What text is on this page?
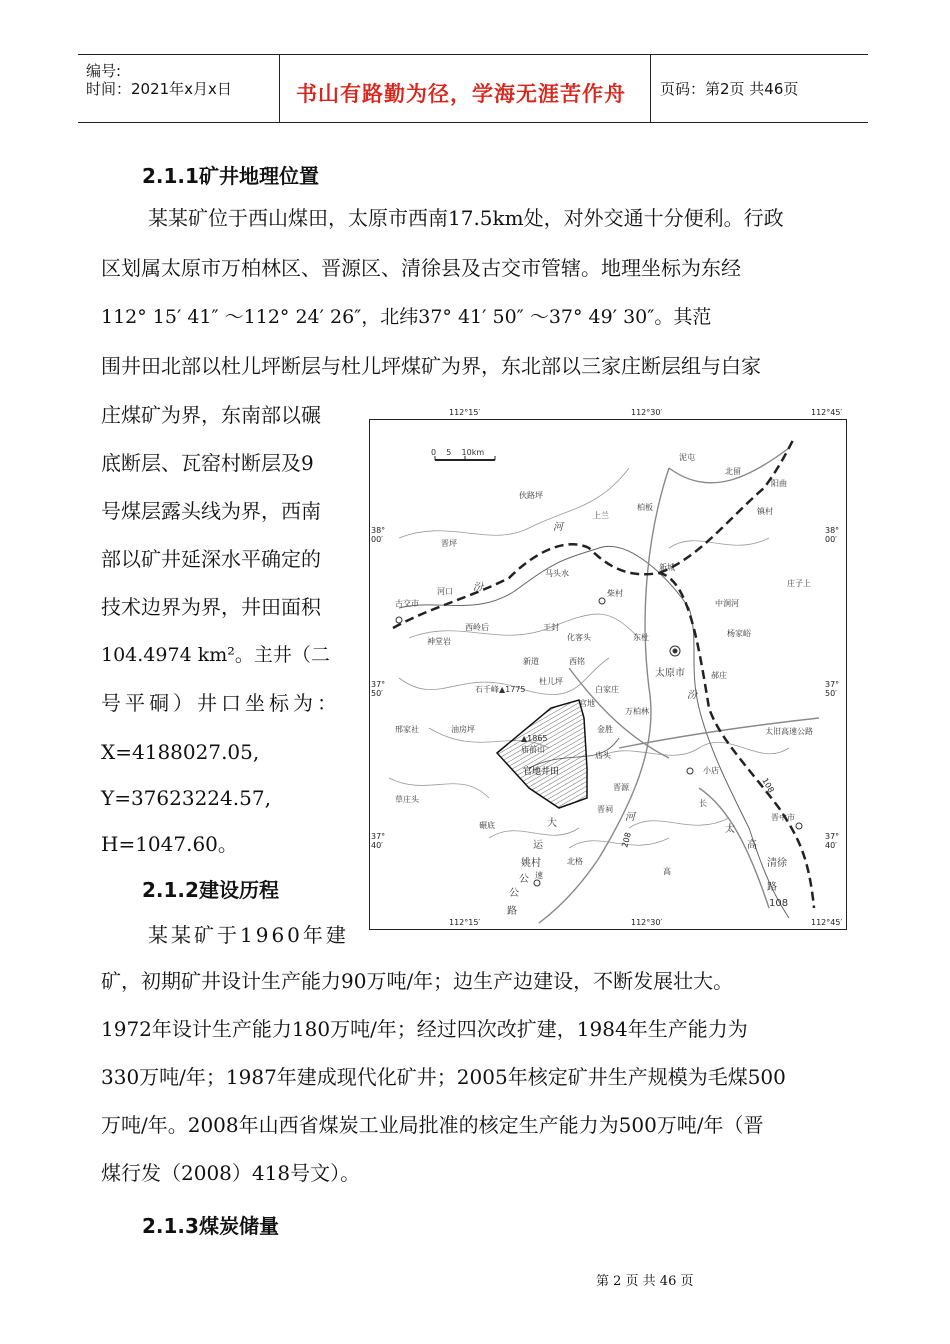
编号:
时间：2021年x月x日	书山有路勤为径，学海无涯苦作舟 页码：第2页 共46页
2.1.1矿井地理位置
某某矿位于西山煤田，太原市西南17.5km处，对外交通十分便利。行政
区划属太原市万柏林区、晋源区、清徐县及古交市管辖。地理坐标为东经
112° 15′ 41″ ～112° 24′ 26″，北纬37° 41′ 50″ ～37° 49′ 30″。其范
围井田北部以杜儿坪断层与杜儿坪煤矿为界，东北部以三家庄断层组与白家
庄煤矿为界，东南部以碾
底断层、瓦窑村断层及9
号煤层露头线为界，西南
部以矿井延深水平确定的
技术边界为界，井田面积
104.4974 km²。主井（二
号平硐）井口坐标为：
X=4188027.05,
Y=37623224.57,
H=1047.60。
2.1.2建设历程
某某矿于1960年建
矿，初期矿井设计生产能力90万吨/年；边生产边建设，不断发展壮大。
1972年设计生产能力180万吨/年；经过四次改扩建，1984年生产能力为
330万吨/年；1987年建成现代化矿井；2005年核定矿井生产规模为毛煤500
万吨/年。2008年山西省煤炭工业局批准的核定生产能力为500万吨/年（晋
煤行发（2008）418号文）。
2.1.3煤炭储量
108
208
112°15′	112°30′	112°45′
112°15′	112°30′	112°45′
38°
00′
37°
50′
37°
40′
38°
00′
37°
50′
37°
40′
0    5    10km
泥屯
北留
阳曲
伙路坪
柏板
上兰	镇村
河
晋坪
古交市
河口 汾
马头水
新城
庄子上
柴村
中涧河
西岭后	王封
化客头	东杜	杨家峪
神堂岩
新道	西铭
太原市
杜儿坪
白家庄
郝庄
石千峰▲1775
官地
万柏林
汾
邢家社	油房坪
▲1865
庙前山
金胜	太旧高速公路
官地井田
店头
小店
草庄头
晋源
长
晋祠
河	晋中市
碾底	大
太
运	高
姚村	北格
高
清徐
速
公
公
路
路
108
第 2 页 共 46 页
